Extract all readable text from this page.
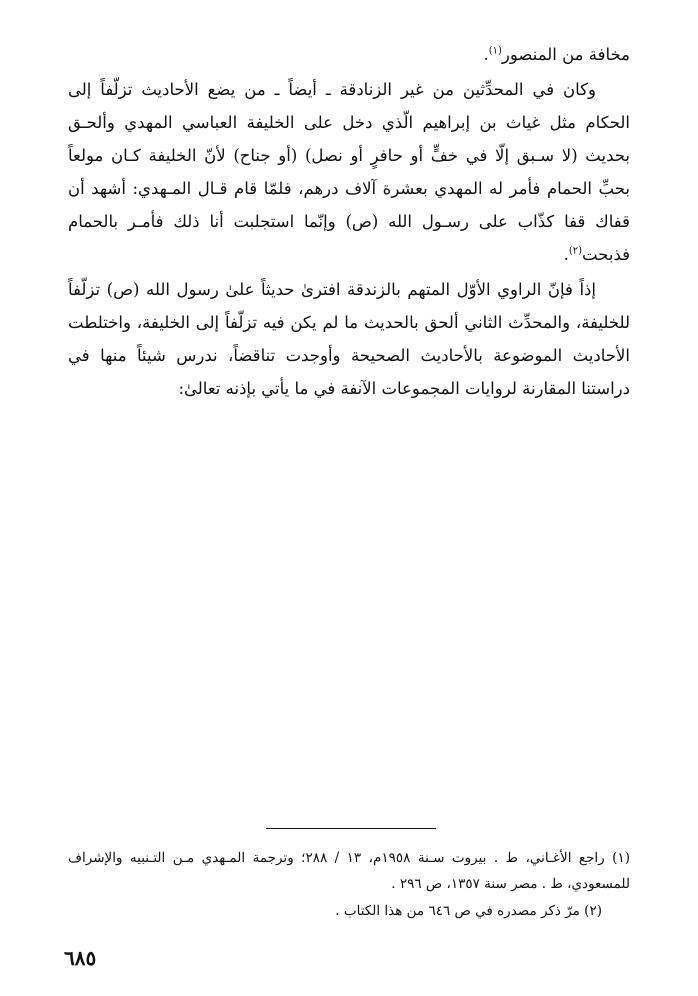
مخافة من المنصور$^{(١)}$.

وكان في المحدِّثين من غير الزنادقة ـ أيضاً ـ من يضع الأحاديث تزلّفاً إلى الحكام مثل غياث بن إبراهيم الّذي دخل على الخليفة العباسي المهدي وألحـق بحديث (لا سـبق إلّا في خفٍّ أو حافرٍ أو نصل) (أو جناح) لأنّ الخليفة كـان مولعاً بحبِّ الحمام فأمر له المهدي بعشرة آلاف درهم، فلمّا قام قـال المـهدي: أشهد أن قفاك قفا كذّاب على رسـول الله (ص) وإنّما استجلبت أنا ذلك فأمـر بالحمام فذبحت$^{(٢)}$.

إذاً فإنّ الراوي الأوّل المتهم بالزندقة افترىٰ حديثاً علىٰ رسول الله (ص) تزلّفاً للخليفة، والمحدِّث الثاني ألحق بالحديث ما لم يكن فيه تزلّفاً إلى الخليفة، واختلطت الأحاديث الموضوعة بالأحاديث الصحيحة وأوجدت تناقضاً، ندرس شيئاً منها في دراستنا المقارنة لروايات المجموعات الآنفة في ما يأتي بإذنه تعالىٰ:

(١) راجع الأغـاني، ط . بيروت سـنة ١٩٥٨م، ١٣ / ٢٨٨؛ وترجمة المـهدي مـن التـنبيه والإشراف للمسعودي، ط . مصر سنة ١٣٥٧، ص ٢٩٦ .

(٢) مرّ ذكر مصدره في ص ٦٤٦ من هذا الكتاب .

٦٨٥
